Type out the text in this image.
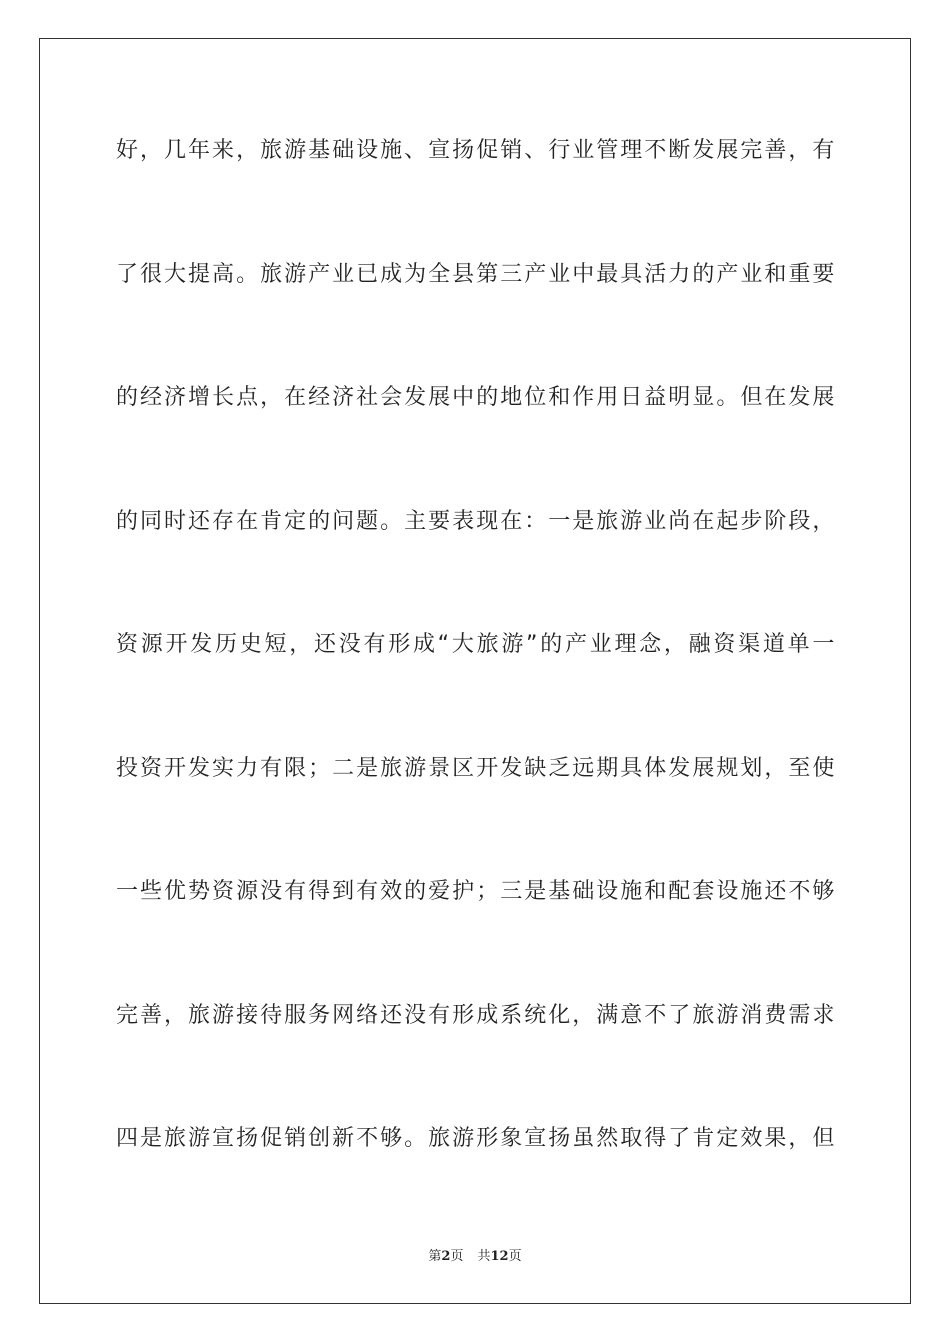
好，几年来，旅游基础设施、宣扬促销、行业管理不断发展完善，有
了很大提高。旅游产业已成为全县第三产业中最具活力的产业和重要
的经济增长点，在经济社会发展中的地位和作用日益明显。但在发展
的同时还存在肯定的问题。主要表现在：一是旅游业尚在起步阶段，
资源开发历史短，还没有形成“大旅游”的产业理念，融资渠道单一
投资开发实力有限；二是旅游景区开发缺乏远期具体发展规划，至使
一些优势资源没有得到有效的爱护；三是基础设施和配套设施还不够
完善，旅游接待服务网络还没有形成系统化，满意不了旅游消费需求
四是旅游宣扬促销创新不够。旅游形象宣扬虽然取得了肯定效果，但
第2页 共12页
